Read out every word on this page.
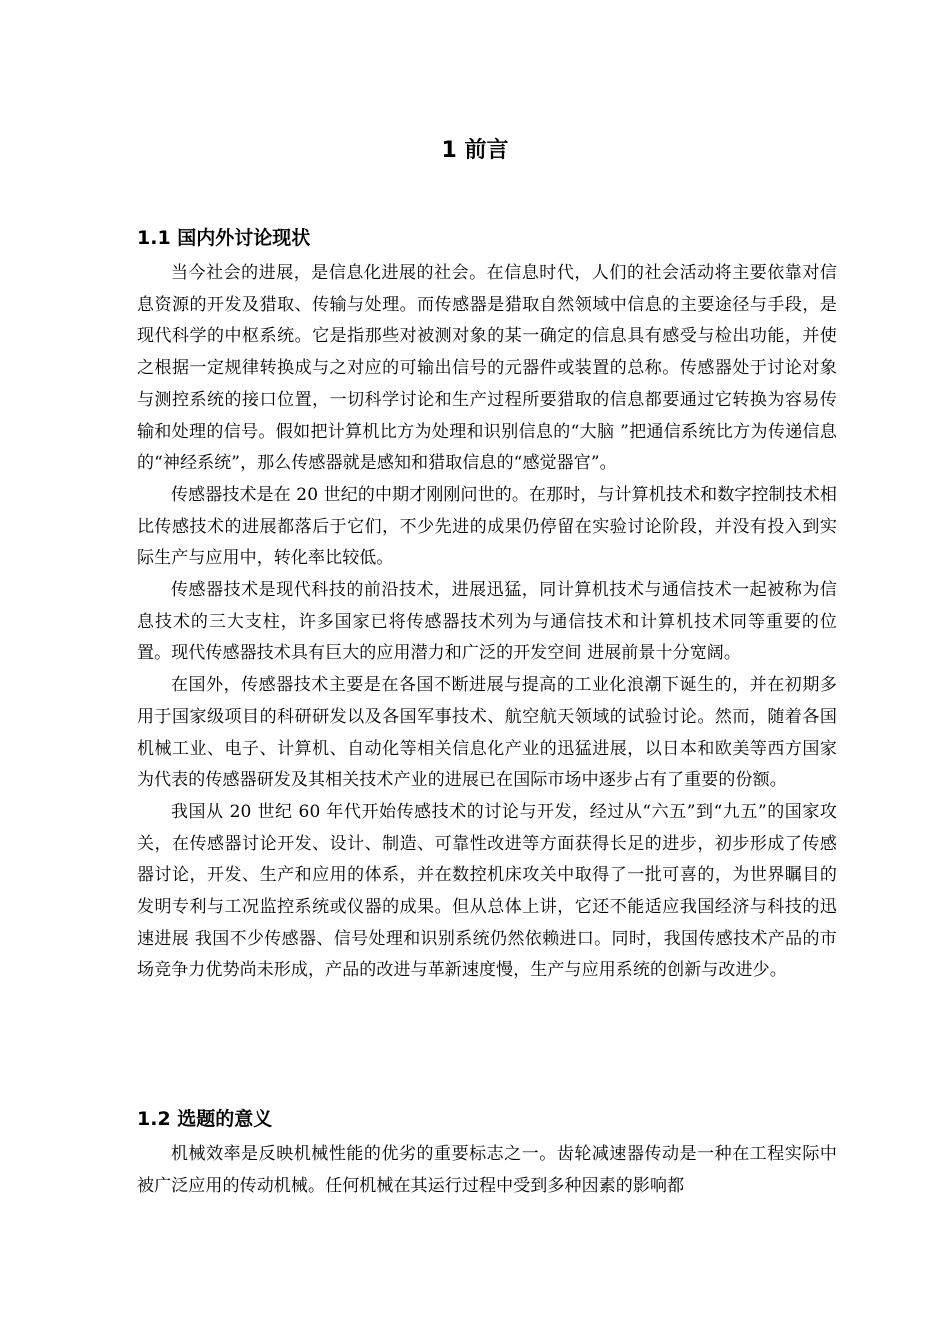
1 前言
1.1 国内外讨论现状

当今社会的进展，是信息化进展的社会。在信息时代，人们的社会活动将主要依靠对信息资源的开发及猎取、传输与处理。而传感器是猎取自然领域中信息的主要途径与手段，是现代科学的中枢系统。它是指那些对被测对象的某一确定的信息具有感受与检出功能，并使之根据一定规律转换成与之对应的可输出信号的元器件或装置的总称。传感器处于讨论对象与测控系统的接口位置，一切科学讨论和生产过程所要猎取的信息都要通过它转换为容易传输和处理的信号。假如把计算机比方为处理和识别信息的“大脑 ”把通信系统比方为传递信息的“神经系统”，那么传感器就是感知和猎取信息的“感觉器官”。

传感器技术是在 20 世纪的中期才刚刚问世的。在那时，与计算机技术和数字控制技术相比传感技术的进展都落后于它们，不少先进的成果仍停留在实验讨论阶段，并没有投入到实际生产与应用中，转化率比较低。

传感器技术是现代科技的前沿技术，进展迅猛，同计算机技术与通信技术一起被称为信息技术的三大支柱，许多国家已将传感器技术列为与通信技术和计算机技术同等重要的位置。现代传感器技术具有巨大的应用潜力和广泛的开发空间 进展前景十分宽阔。

在国外，传感器技术主要是在各国不断进展与提高的工业化浪潮下诞生的，并在初期多用于国家级项目的科研研发以及各国军事技术、航空航天领域的试验讨论。然而，随着各国机械工业、电子、计算机、自动化等相关信息化产业的迅猛进展，以日本和欧美等西方国家为代表的传感器研发及其相关技术产业的进展已在国际市场中逐步占有了重要的份额。

我国从 20 世纪 60 年代开始传感技术的讨论与开发，经过从“六五”到“九五”的国家攻关，在传感器讨论开发、设计、制造、可靠性改进等方面获得长足的进步，初步形成了传感器讨论，开发、生产和应用的体系，并在数控机床攻关中取得了一批可喜的，为世界瞩目的发明专利与工况监控系统或仪器的成果。但从总体上讲，它还不能适应我国经济与科技的迅速进展 我国不少传感器、信号处理和识别系统仍然依赖进口。同时，我国传感技术产品的市场竞争力优势尚未形成，产品的改进与革新速度慢，生产与应用系统的创新与改进少。

1.2 选题的意义

机械效率是反映机械性能的优劣的重要标志之一。齿轮减速器传动是一种在工程实际中被广泛应用的传动机械。任何机械在其运行过程中受到多种因素的影响都
